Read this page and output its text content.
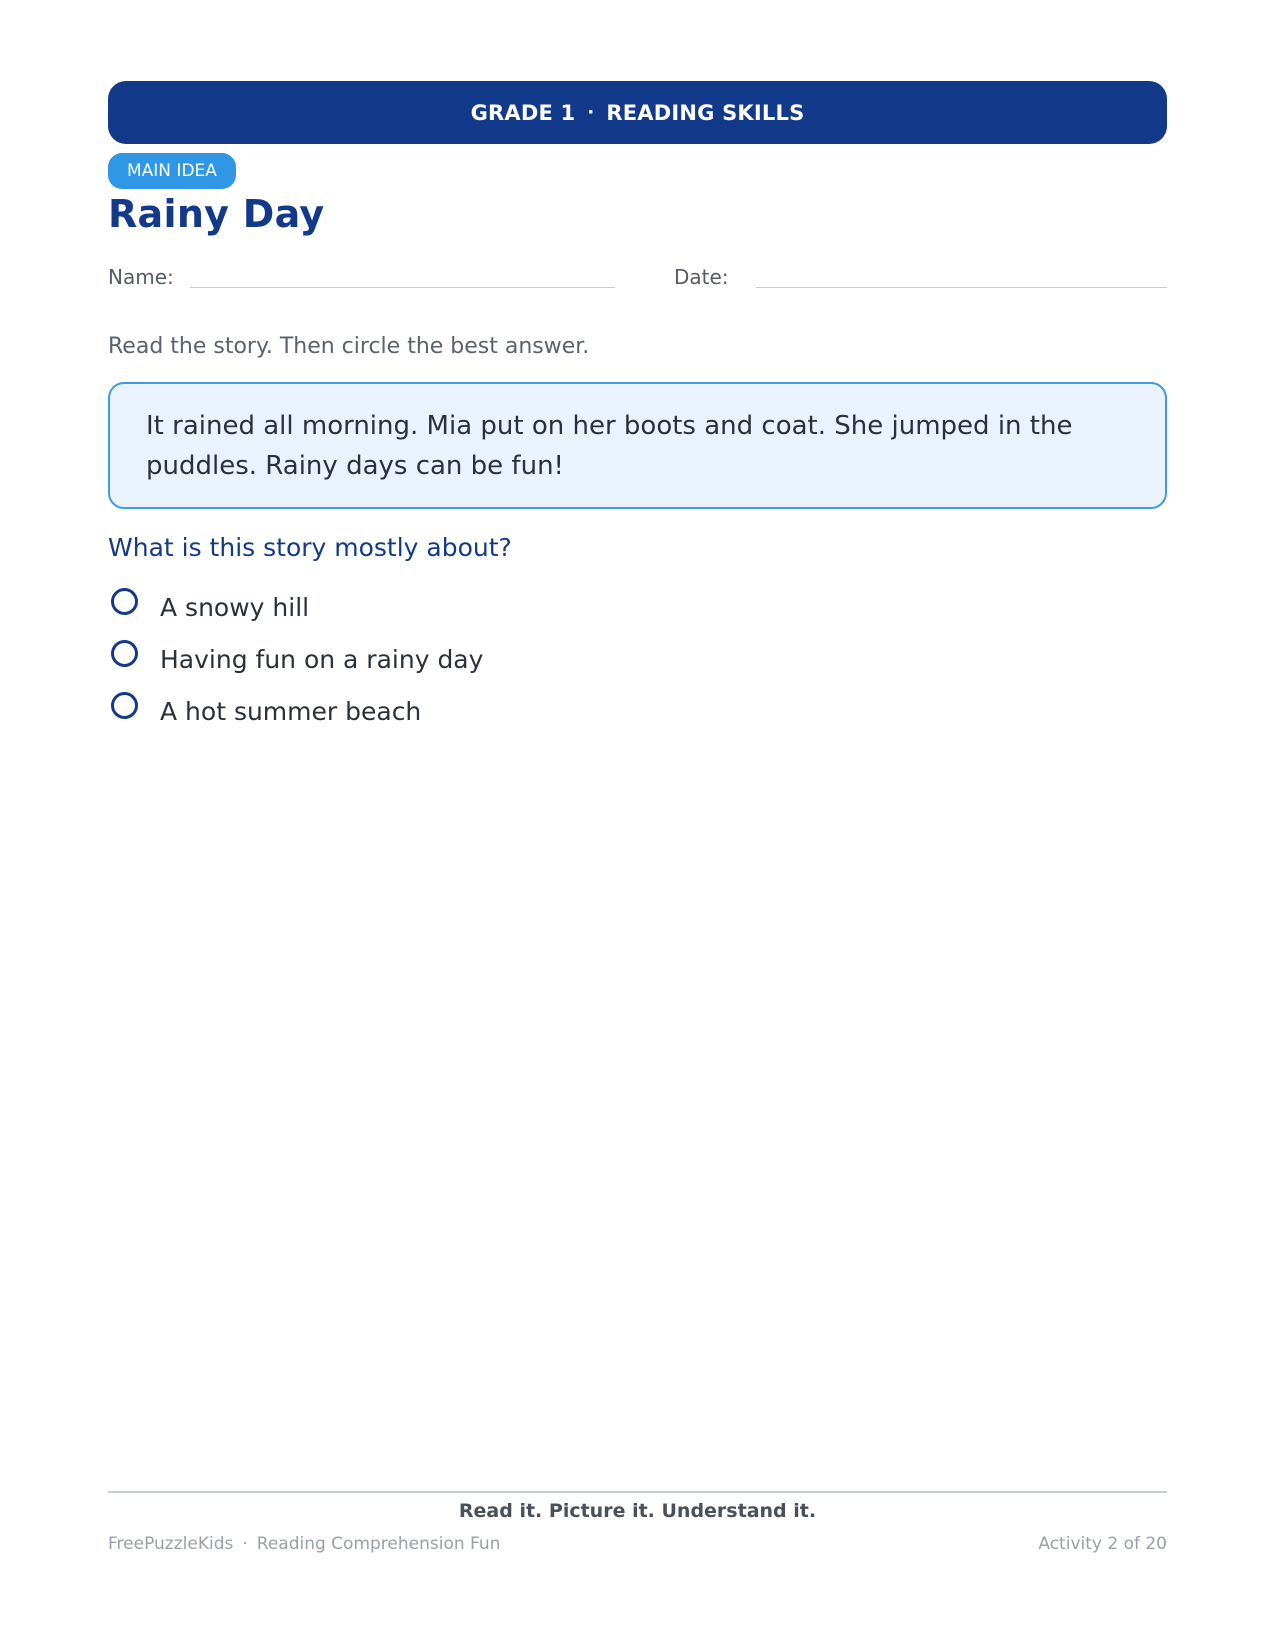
GRADE 1 · READING SKILLS
MAIN IDEA
Rainy Day
Name:	Date:
Read the story. Then circle the best answer.
It rained all morning. Mia put on her boots and coat. She jumped in the puddles. Rainy days can be fun!
What is this story mostly about?
A snowy hill
Having fun on a rainy day
A hot summer beach
Read it. Picture it. Understand it.
FreePuzzleKids · Reading Comprehension Fun	Activity 2 of 20
